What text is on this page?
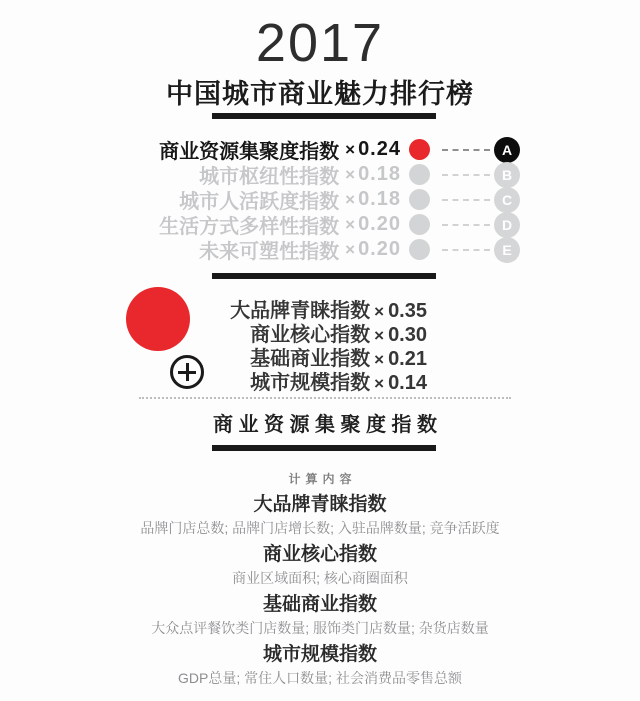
2017
中国城市商业魅力排行榜
商业资源集聚度指数 × 0.24	A
城市枢纽性指数 × 0.18	B
城市人活跃度指数 × 0.18	C
生活方式多样性指数 × 0.20	D
未来可塑性指数 × 0.20	E
大品牌青睐指数 × 0.35
商业核心指数 × 0.30
基础商业指数 × 0.21
城市规模指数 × 0.14
商业资源集聚度指数
计算内容
大品牌青睐指数
品牌门店总数; 品牌门店增长数; 入驻品牌数量; 竞争活跃度
商业核心指数
商业区域面积; 核心商圈面积
基础商业指数
大众点评餐饮类门店数量; 服饰类门店数量; 杂货店数量
城市规模指数
GDP总量; 常住人口数量; 社会消费品零售总额
